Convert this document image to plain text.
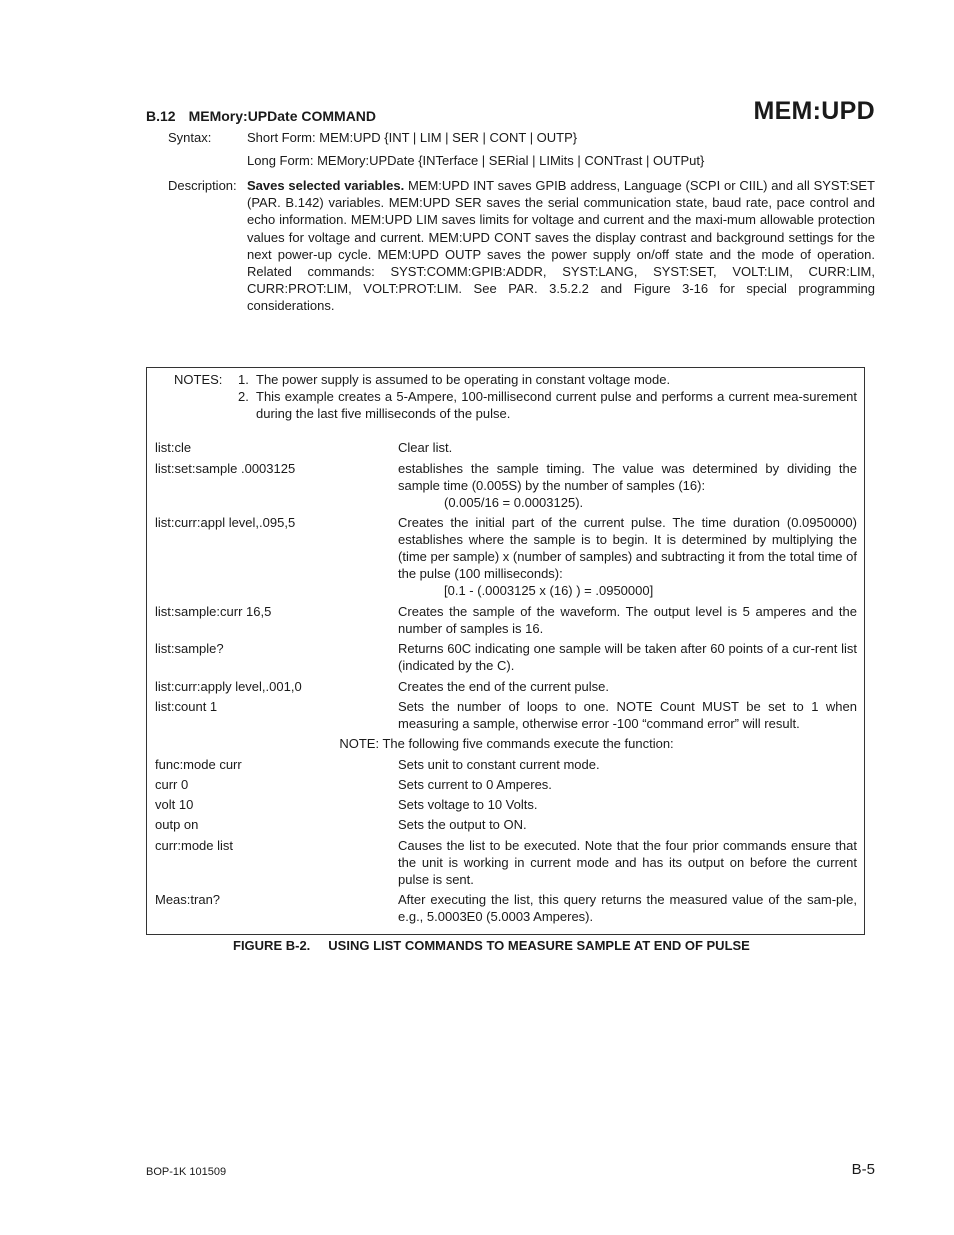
B.12 MEMory:UPDate COMMAND	MEM:UPD
Syntax:	Short Form: MEM:UPD {INT | LIM | SER | CONT | OUTP}
Long Form: MEMory:UPDate {INTerface | SERial | LIMits | CONTrast | OUTPut}
Description: Saves selected variables. MEM:UPD INT saves GPIB address, Language (SCPI or CIIL) and all SYST:SET (PAR. B.142) variables. MEM:UPD SER saves the serial communication state, baud rate, pace control and echo information. MEM:UPD LIM saves limits for voltage and current and the maxi-mum allowable protection values for voltage and current. MEM:UPD CONT saves the display contrast and background settings for the next power-up cycle. MEM:UPD OUTP saves the power supply on/off state and the mode of operation. Related commands: SYST:COMM:GPIB:ADDR, SYST:LANG, SYST:SET, VOLT:LIM, CURR:LIM, CURR:PROT:LIM, VOLT:PROT:LIM. See PAR. 3.5.2.2 and Figure 3-16 for special programming considerations.
NOTES: 1. The power supply is assumed to be operating in constant voltage mode.
2. This example creates a 5-Ampere, 100-millisecond current pulse and performs a current mea-surement during the last five milliseconds of the pulse.
list:cle	Clear list.
list:set:sample .0003125	establishes the sample timing. The value was determined by dividing the sample time (0.005S) by the number of samples (16):
(0.005/16 = 0.0003125).
list:curr:appl level,.095,5	Creates the initial part of the current pulse. The time duration (0.0950000) establishes where the sample is to begin. It is determined by multiplying the (time per sample) x (number of samples) and subtracting it from the total time of the pulse (100 milliseconds):
[0.1 - (.0003125 x (16) ) = .0950000]
list:sample:curr 16,5	Creates the sample of the waveform. The output level is 5 amperes and the number of samples is 16.
list:sample?	Returns 60C indicating one sample will be taken after 60 points of a cur-rent list (indicated by the C).
list:curr:apply level,.001,0	Creates the end of the current pulse.
list:count 1	Sets the number of loops to one. NOTE Count MUST be set to 1 when measuring a sample, otherwise error -100 “command error” will result.
NOTE: The following five commands execute the function:
func:mode curr	Sets unit to constant current mode.
curr 0	Sets current to 0 Amperes.
volt 10	Sets voltage to 10 Volts.
outp on	Sets the output to ON.
curr:mode list	Causes the list to be executed. Note that the four prior commands ensure that the unit is working in current mode and has its output on before the current pulse is sent.
Meas:tran?	After executing the list, this query returns the measured value of the sam-ple, e.g., 5.0003E0 (5.0003 Amperes).
FIGURE B-2. USING LIST COMMANDS TO MEASURE SAMPLE AT END OF PULSE
BOP-1K 101509	B-5
